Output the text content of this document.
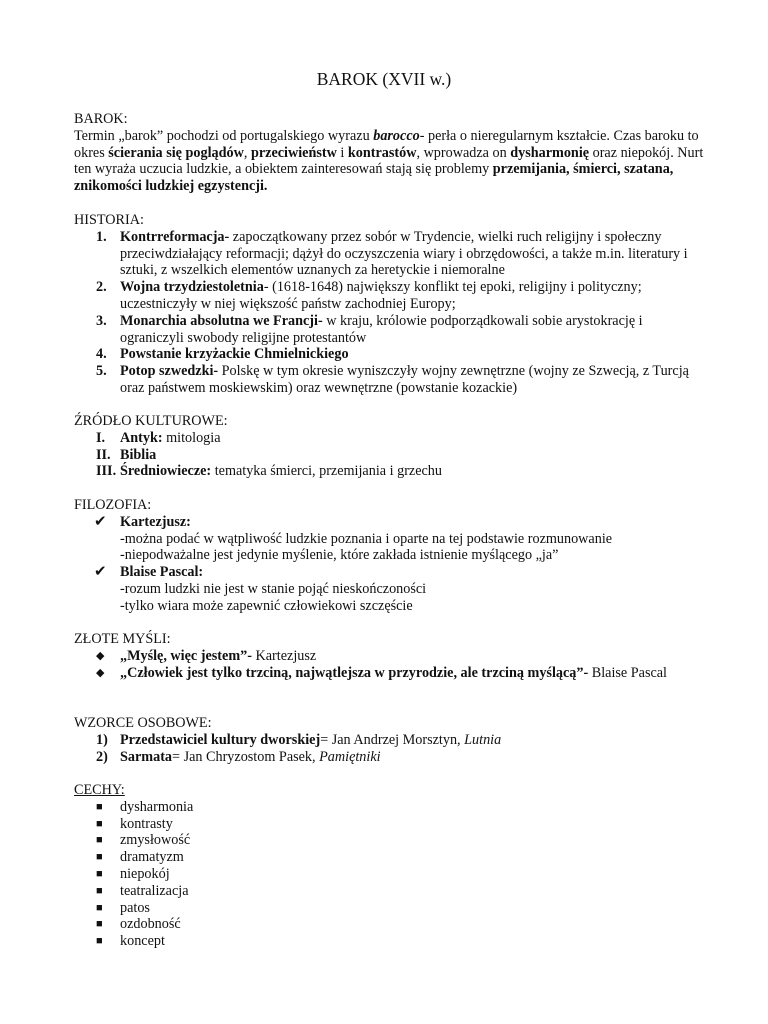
BAROK (XVII w.)

BAROK:

Termin „barok” pochodzi od portugalskiego wyrazu barocco- perła o nieregularnym kształcie. Czas baroku to okres ścierania się poglądów, przeciwieństw i kontrastów, wprowadza on dysharmonię oraz niepokój. Nurt ten wyraża uczucia ludzkie, a obiektem zainteresowań stają się problemy przemijania, śmierci, szatana, znikomości ludzkiej egzystencji.

HISTORIA:

1. Kontrreformacja- zapoczątkowany przez sobór w Trydencie, wielki ruch religijny i społeczny przeciwdziałający reformacji; dążył do oczyszczenia wiary i obrzędowości, a także m.in. literatury i sztuki, z wszelkich elementów uznanych za heretyckie i niemoralne
2. Wojna trzydziestoletnia- (1618-1648) największy konflikt tej epoki, religijny i polityczny; uczestniczyły w niej większość państw zachodniej Europy;
3. Monarchia absolutna we Francji- w kraju, królowie podporządkowali sobie arystokrację i ograniczyli swobody religijne protestantów
4. Powstanie krzyżackie Chmielnickiego
5. Potop szwedzki- Polskę w tym okresie wyniszczyły wojny zewnętrzne (wojny ze Szwecją, z Turcją oraz państwem moskiewskim) oraz wewnętrzne (powstanie kozackie)

ŹRÓDŁO KULTUROWE:

I. Antyk: mitologia
II. Biblia
III. Średniowiecze: tematyka śmierci, przemijania i grzechu

FILOZOFIA:

✔ Kartezjusz:
-można podać w wątpliwość ludzkie poznania i oparte na tej podstawie rozmunowanie
-niepodważalne jest jedynie myślenie, które zakłada istnienie myślącego „ja”
✔ Blaise Pascal:
-rozum ludzki nie jest w stanie pojąć nieskończoności
-tylko wiara może zapewnić człowiekowi szczęście

ZŁOTE MYŚLI:

◆ „Myślę, więc jestem”- Kartezjusz
◆ „Człowiek jest tylko trzciną, najwątlejsza w przyrodzie, ale trzciną myślącą”- Blaise Pascal

WZORCE OSOBOWE:

1) Przedstawiciel kultury dworskiej= Jan Andrzej Morsztyn, Lutnia
2) Sarmata= Jan Chryzostom Pasek, Pamiętniki

CECHY:

■ dysharmonia
■ kontrasty
■ zmysłowość
■ dramatyzm
■ niepokój
■ teatralizacja
■ patos
■ ozdobność
■ koncept
